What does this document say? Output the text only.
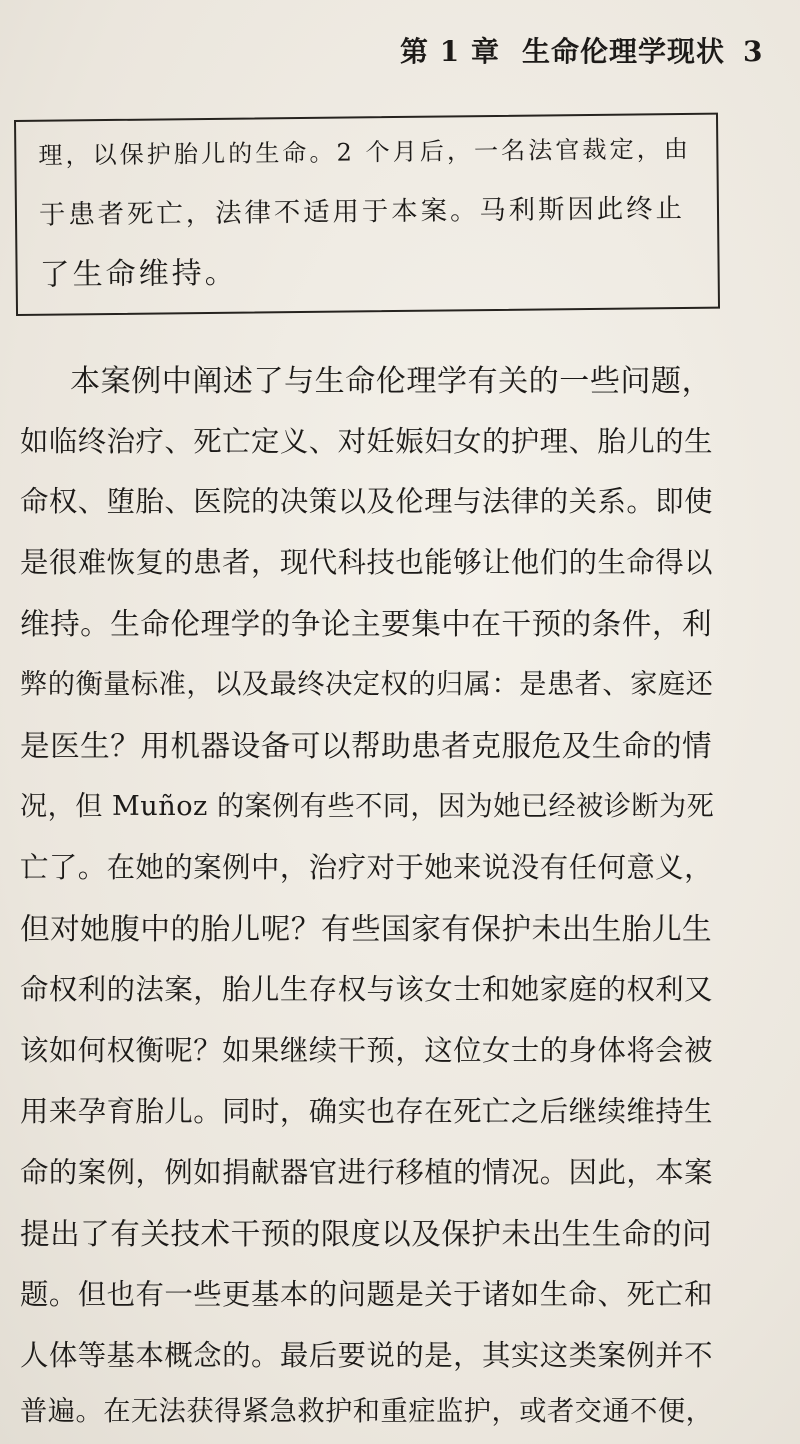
第 1 章 生命伦理学现状 3
理，以保护胎儿的生命。2 个月后，一名法官裁定，由
于患者死亡，法律不适用于本案。马利斯因此终止
了生命维持。
本案例中阐述了与生命伦理学有关的一些问题，
如临终治疗、死亡定义、对妊娠妇女的护理、胎儿的生
命权、堕胎、医院的决策以及伦理与法律的关系。即使
是很难恢复的患者，现代科技也能够让他们的生命得以
维持。生命伦理学的争论主要集中在干预的条件，利
弊的衡量标准，以及最终决定权的归属：是患者、家庭还
是医生？用机器设备可以帮助患者克服危及生命的情
况，但 Muñoz 的案例有些不同，因为她已经被诊断为死
亡了。在她的案例中，治疗对于她来说没有任何意义，
但对她腹中的胎儿呢？有些国家有保护未出生胎儿生
命权利的法案，胎儿生存权与该女士和她家庭的权利又
该如何权衡呢？如果继续干预，这位女士的身体将会被
用来孕育胎儿。同时，确实也存在死亡之后继续维持生
命的案例，例如捐献器官进行移植的情况。因此，本案
提出了有关技术干预的限度以及保护未出生生命的问
题。但也有一些更基本的问题是关于诸如生命、死亡和
人体等基本概念的。最后要说的是，其实这类案例并不
普遍。在无法获得紧急救护和重症监护，或者交通不便，
